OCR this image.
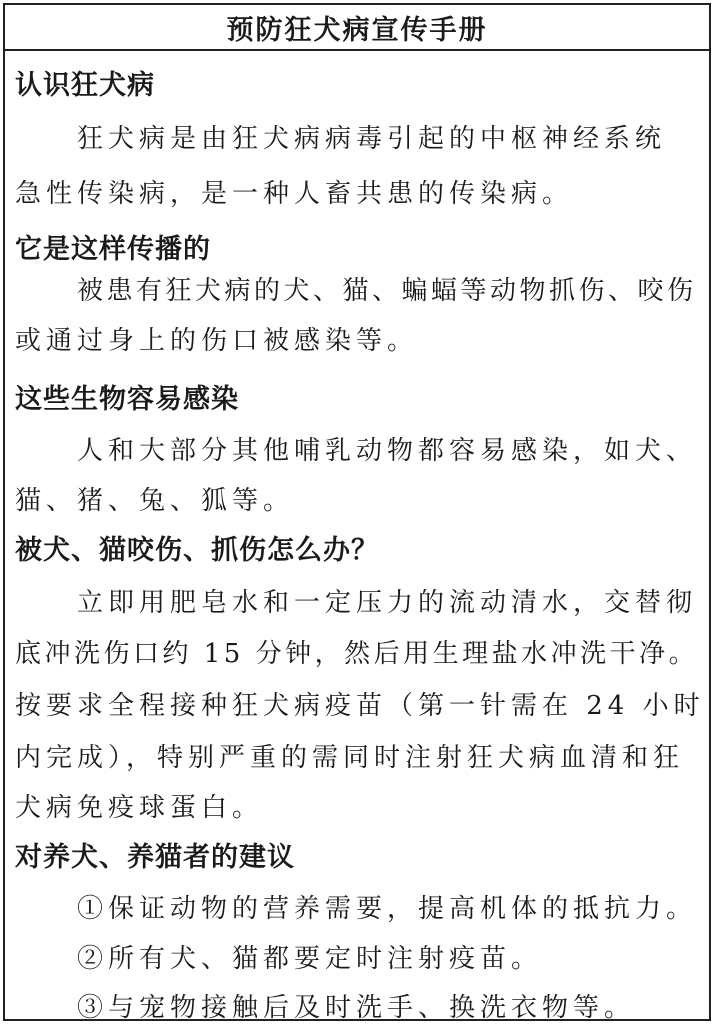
预防狂犬病宣传手册
认识狂犬病
狂犬病是由狂犬病病毒引起的中枢神经系统
急性传染病，是一种人畜共患的传染病。
它是这样传播的
被患有狂犬病的犬、猫、蝙蝠等动物抓伤、咬伤
或通过身上的伤口被感染等。
这些生物容易感染
人和大部分其他哺乳动物都容易感染，如犬、
猫、猪、兔、狐等。
被犬、猫咬伤、抓伤怎么办？
立即用肥皂水和一定压力的流动清水，交替彻
底冲洗伤口约 15 分钟，然后用生理盐水冲洗干净。
按要求全程接种狂犬病疫苗（第一针需在 24 小时
内完成），特别严重的需同时注射狂犬病血清和狂
犬病免疫球蛋白。
对养犬、养猫者的建议
①保证动物的营养需要，提高机体的抵抗力。
②所有犬、猫都要定时注射疫苗。
③与宠物接触后及时洗手、换洗衣物等。
